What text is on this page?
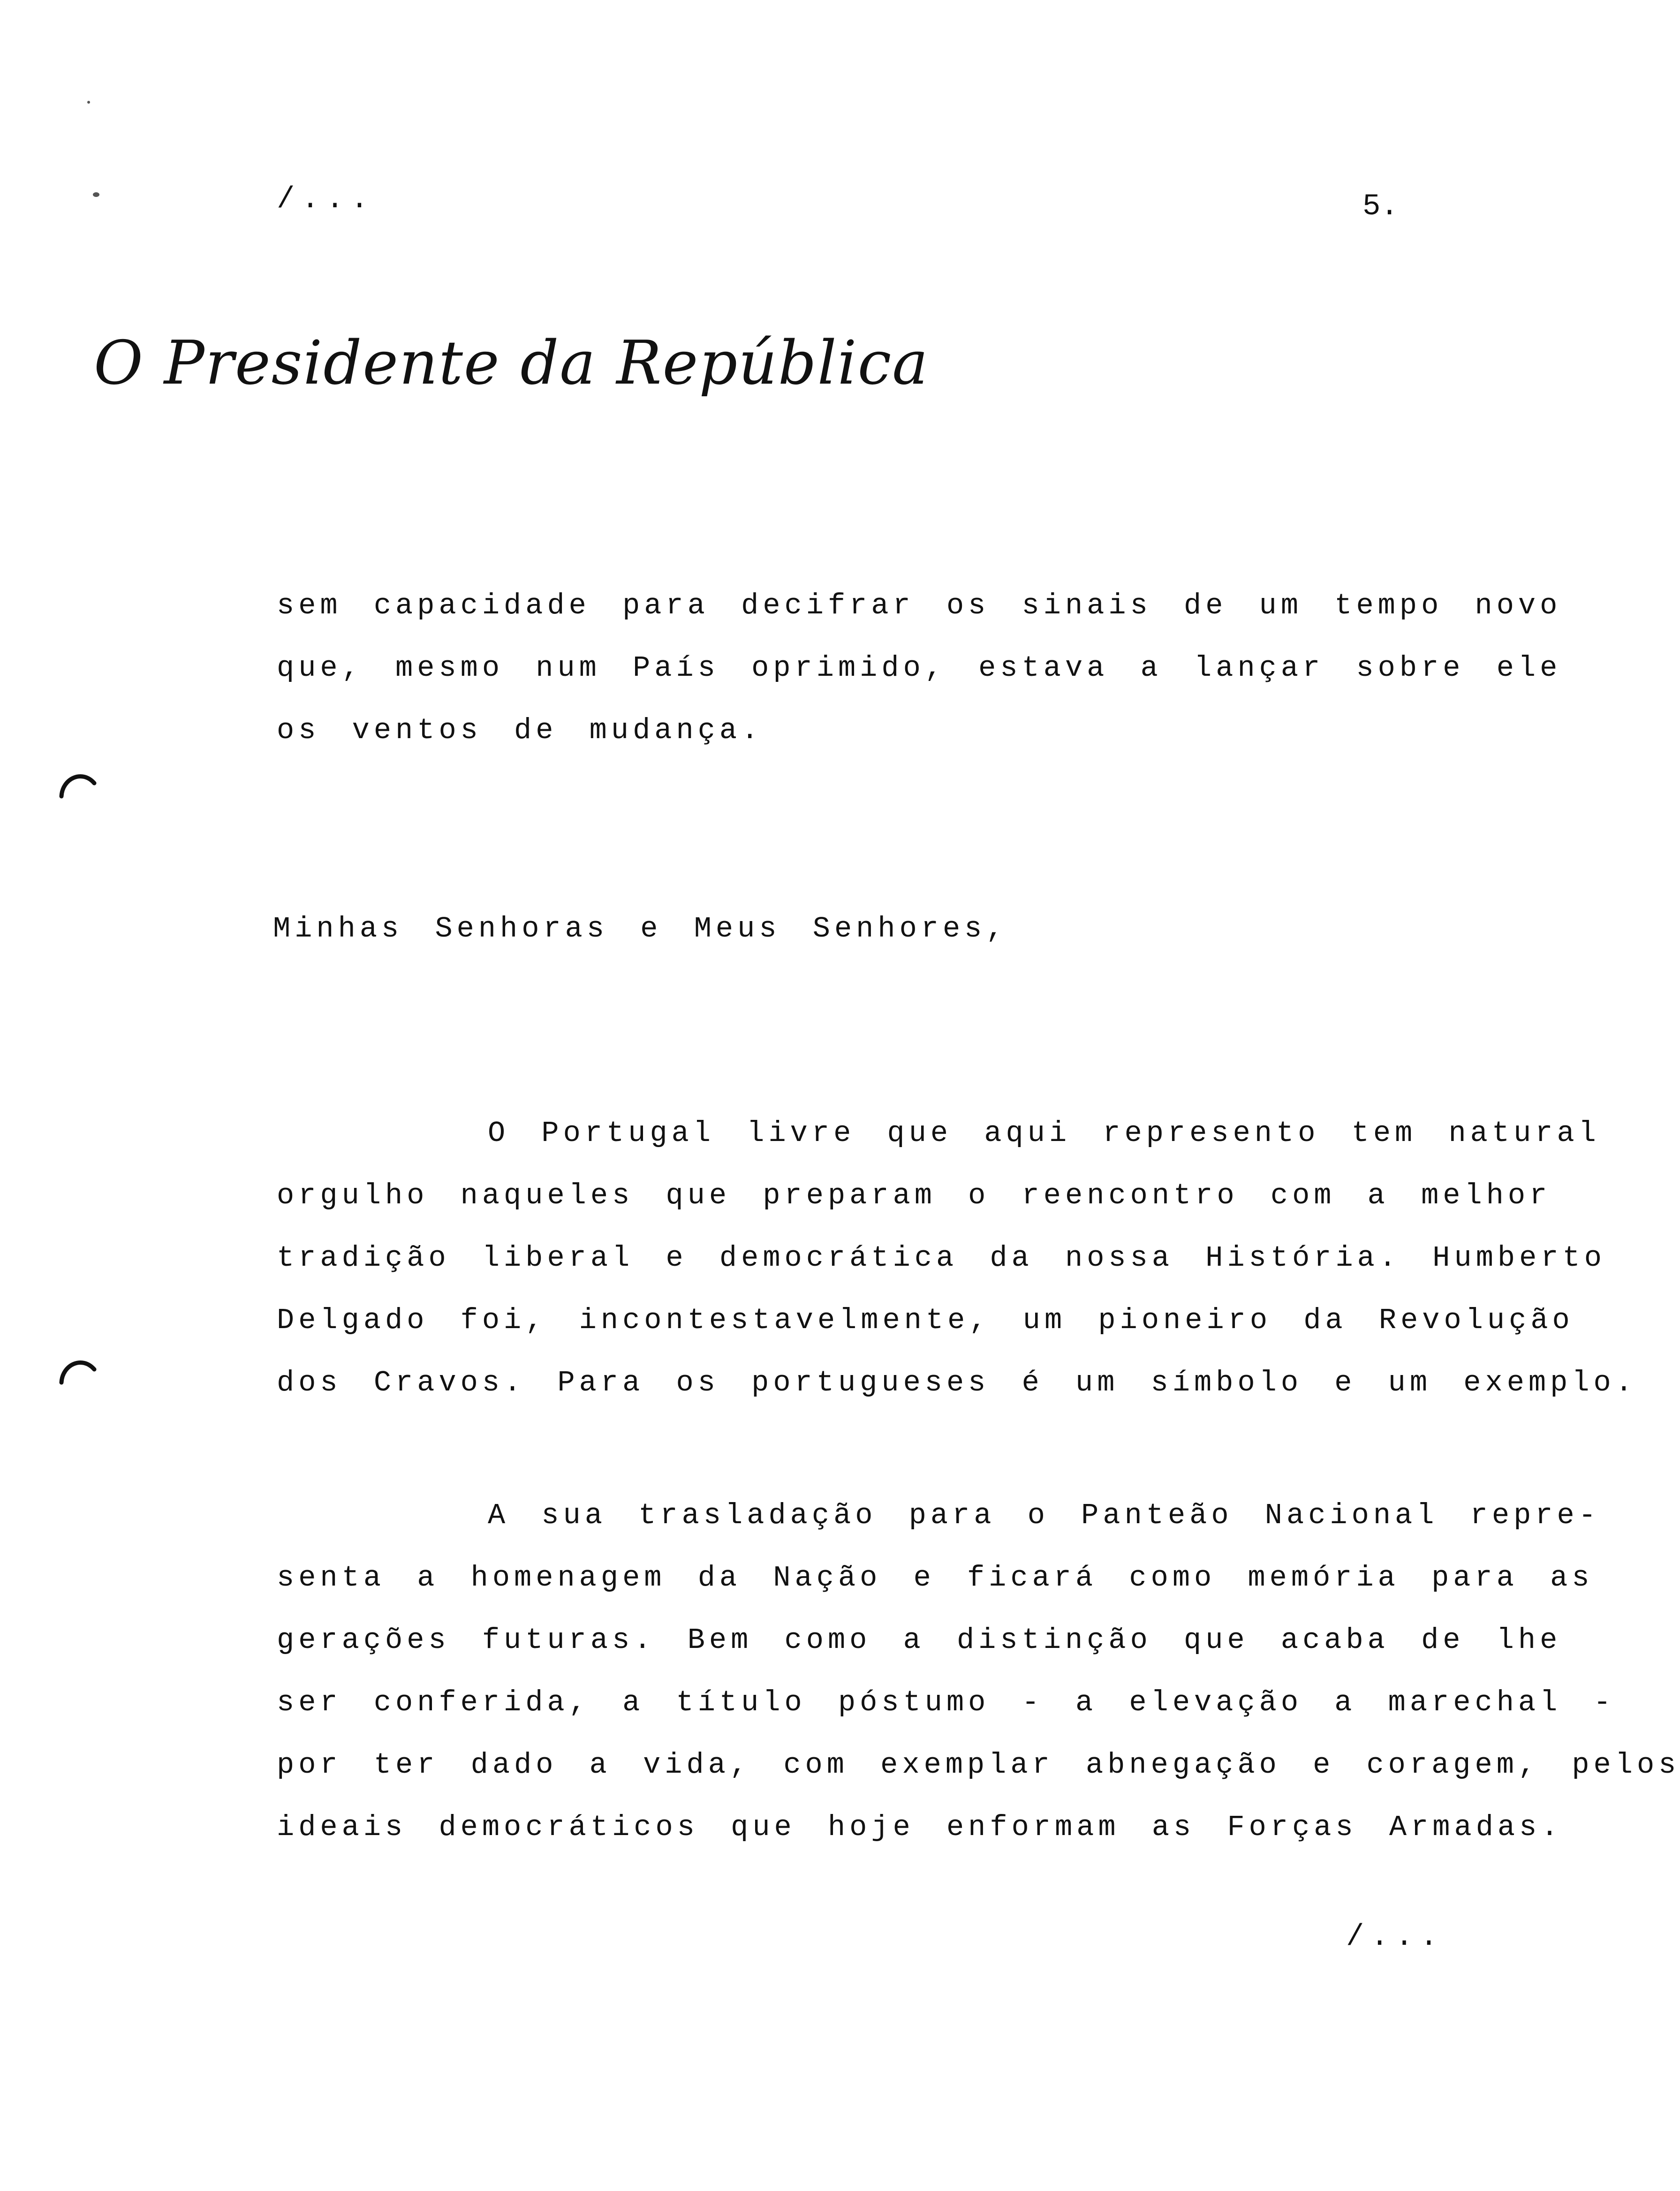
/...	5.
O Presidente da República
sem capacidade para decifrar os sinais de um tempo novo
que, mesmo num País oprimido, estava a lançar sobre ele
os ventos de mudança.
Minhas Senhoras e Meus Senhores,
O Portugal livre que aqui represento tem natural
orgulho naqueles que preparam o reencontro com a melhor
tradição liberal e democrática da nossa História. Humberto
Delgado foi, incontestavelmente, um pioneiro da Revolução
dos Cravos. Para os portugueses é um símbolo e um exemplo.
A sua trasladação para o Panteão Nacional repre-
senta a homenagem da Nação e ficará como memória para as
gerações futuras. Bem como a distinção que acaba de lhe
ser conferida, a título póstumo - a elevação a marechal -
por ter dado a vida, com exemplar abnegação e coragem, pelos
ideais democráticos que hoje enformam as Forças Armadas.
/...
